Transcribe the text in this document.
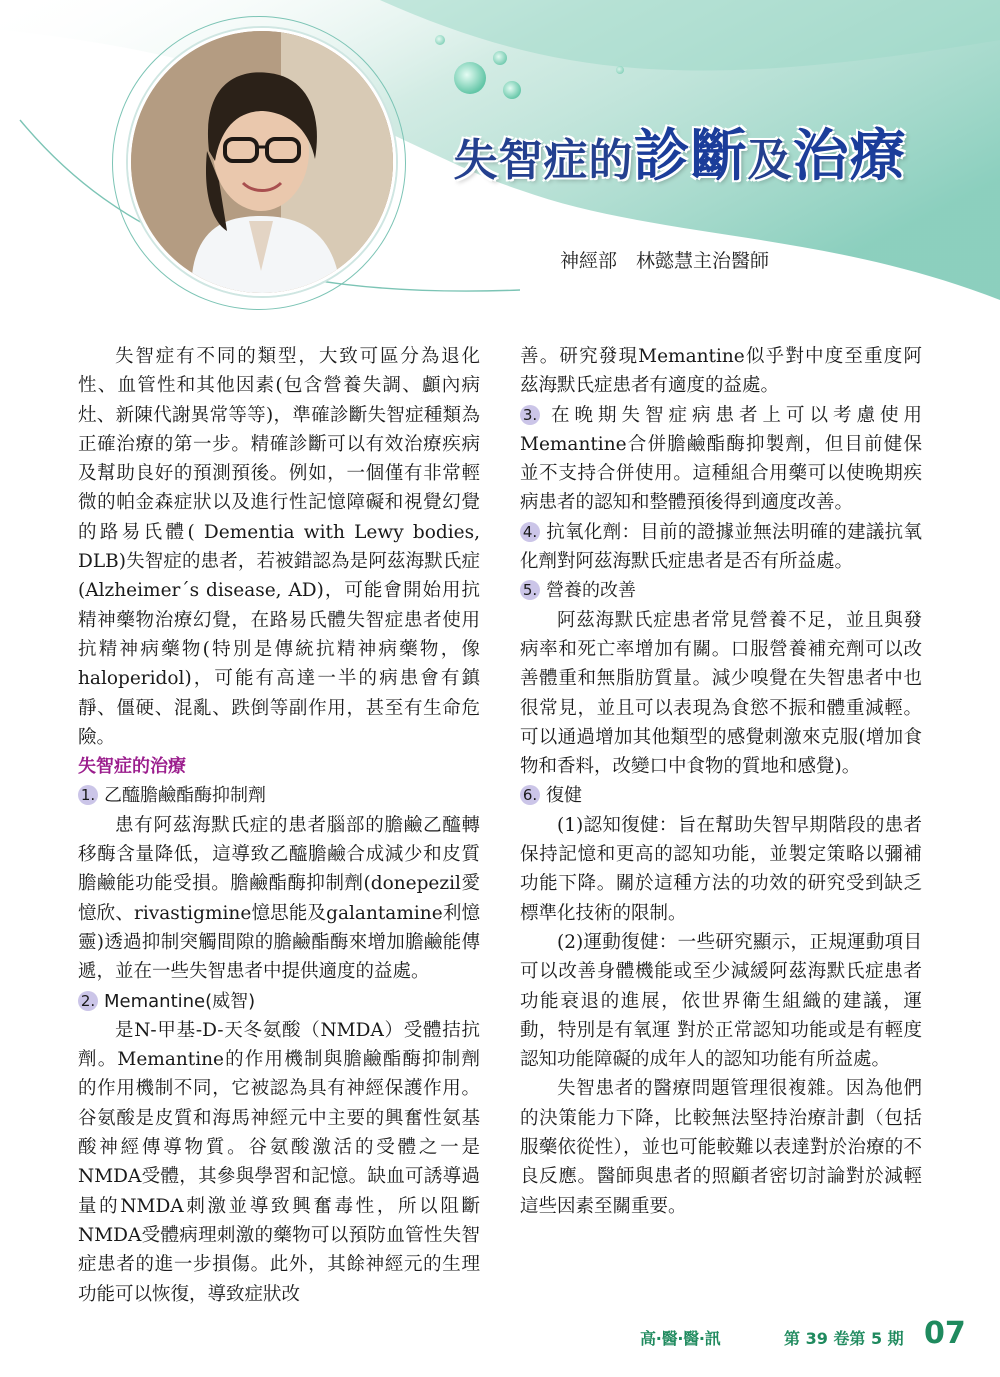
失智症的診斷及治療
神經部　林懿慧主治醫師

失智症有不同的類型，大致可區分為退化性、血管性和其他因素(包含營養失調、顱內病灶、新陳代謝異常等等)，準確診斷失智症種類為正確治療的第一步。精確診斷可以有效治療疾病及幫助良好的預測預後。例如，一個僅有非常輕微的帕金森症狀以及進行性記憶障礙和視覺幻覺的路易氏體( Dementia with Lewy bodies, DLB)失智症的患者，若被錯認為是阿茲海默氏症(Alzheimer´s disease, AD)，可能會開始用抗精神藥物治療幻覺，在路易氏體失智症患者使用抗精神病藥物(特別是傳統抗精神病藥物，像haloperidol)，可能有高達一半的病患會有鎮靜、僵硬、混亂、跌倒等副作用，甚至有生命危險。

失智症的治療

1. 乙醯膽鹼酯酶抑制劑

患有阿茲海默氏症的患者腦部的膽鹼乙醯轉移酶含量降低，這導致乙醯膽鹼合成減少和皮質膽鹼能功能受損。膽鹼酯酶抑制劑(donepezil愛憶欣、rivastigmine憶思能及galantamine利憶靈)透過抑制突觸間隙的膽鹼酯酶來增加膽鹼能傳遞，並在一些失智患者中提供適度的益處。

2. Memantine(威智)

是N-甲基-D-天冬氨酸（NMDA）受體拮抗劑。Memantine的作用機制與膽鹼酯酶抑制劑的作用機制不同，它被認為具有神經保護作用。谷氨酸是皮質和海馬神經元中主要的興奮性氨基酸神經傳導物質。谷氨酸激活的受體之一是NMDA受體，其參與學習和記憶。缺血可誘導過量的NMDA刺激並導致興奮毒性，所以阻斷NMDA受體病理刺激的藥物可以預防血管性失智症患者的進一步損傷。此外，其餘神經元的生理功能可以恢復，導致症狀改

善。研究發現Memantine似乎對中度至重度阿茲海默氏症患者有適度的益處。

3. 在晚期失智症病患者上可以考慮使用Memantine合併膽鹼酯酶抑製劑，但目前健保並不支持合併使用。這種組合用藥可以使晚期疾病患者的認知和整體預後得到適度改善。

4. 抗氧化劑：目前的證據並無法明確的建議抗氧化劑對阿茲海默氏症患者是否有所益處。

5. 營養的改善

阿茲海默氏症患者常見營養不足，並且與發病率和死亡率增加有關。口服營養補充劑可以改善體重和無脂肪質量。減少嗅覺在失智患者中也很常見，並且可以表現為食慾不振和體重減輕。可以通過增加其他類型的感覺刺激來克服(增加食物和香料，改變口中食物的質地和感覺)。

6. 復健

(1)認知復健：旨在幫助失智早期階段的患者保持記憶和更高的認知功能，並製定策略以彌補功能下降。關於這種方法的功效的研究受到缺乏標準化技術的限制。

(2)運動復健：一些研究顯示，正規運動項目可以改善身體機能或至少減緩阿茲海默氏症患者功能衰退的進展，依世界衛生組織的建議，運動，特別是有氧運 對於正常認知功能或是有輕度認知功能障礙的成年人的認知功能有所益處。

失智患者的醫療問題管理很複雜。因為他們的決策能力下降，比較無法堅持治療計劃（包括服藥依從性），並也可能較難以表達對於治療的不良反應。醫師與患者的照顧者密切討論對於減輕這些因素至關重要。

高‧醫‧醫‧訊	第 39 卷第 5 期 07
